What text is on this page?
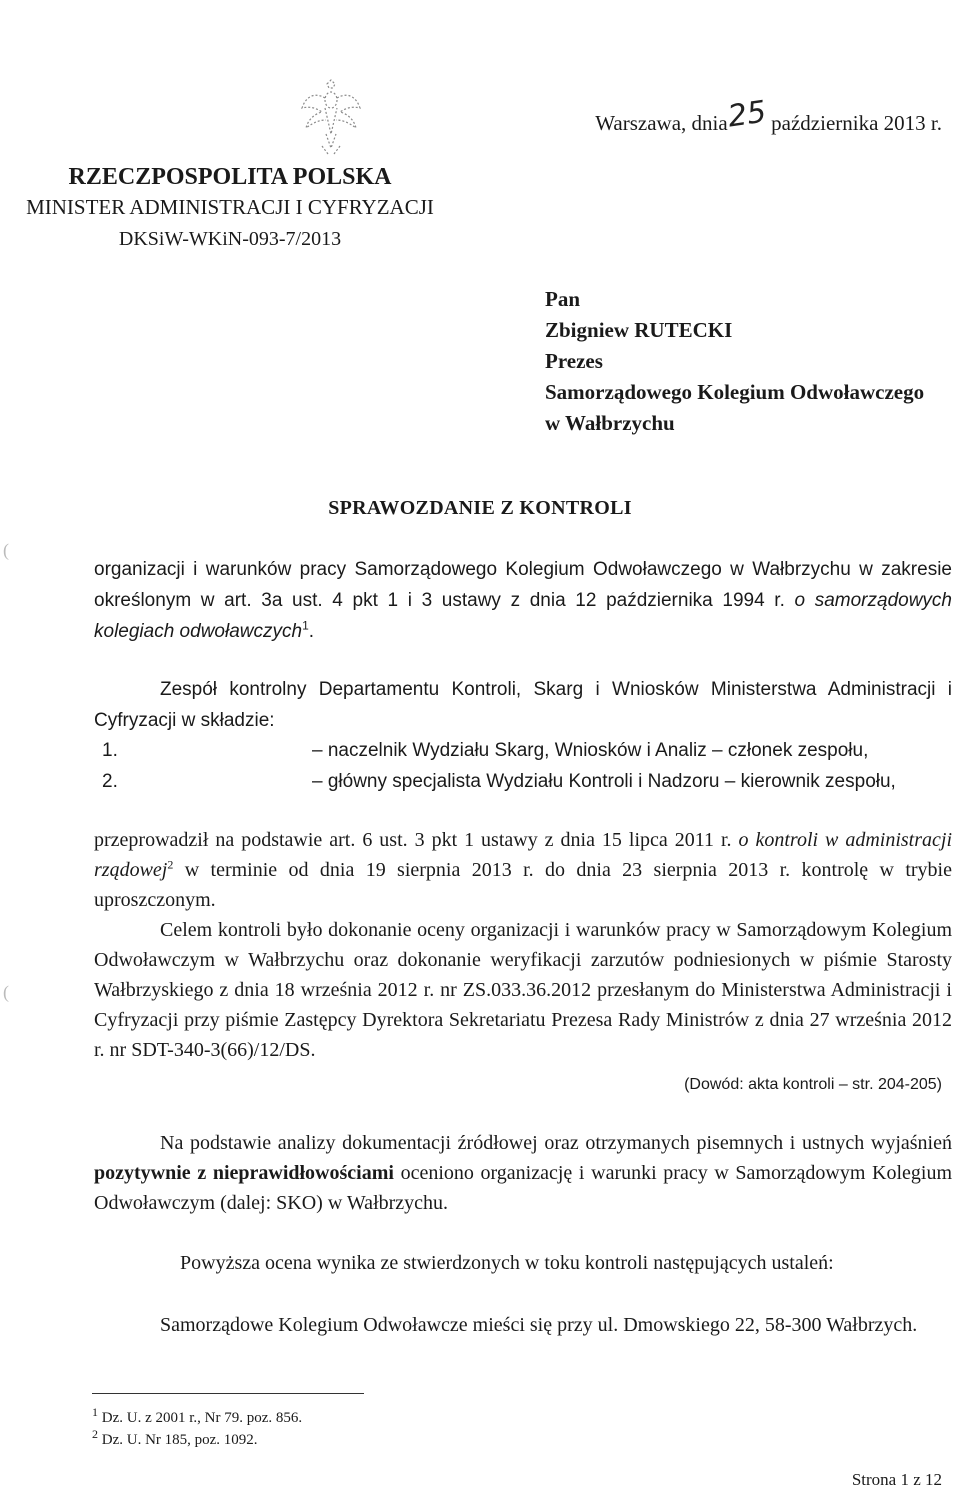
(
(
Warszawa, dnia25 października 2013 r.
RZECZPOSPOLITA POLSKA
MINISTER ADMINISTRACJI I CYFRYZACJI
DKSiW-WKiN-093-7/2013
Pan
Zbigniew RUTECKI
Prezes
Samorządowego Kolegium Odwoławczego
w Wałbrzychu
SPRAWOZDANIE Z KONTROLI
organizacji i warunków pracy Samorządowego Kolegium Odwoławczego w Wałbrzychu w zakresie określonym w art. 3a ust. 4 pkt 1 i 3 ustawy z dnia 12 października 1994 r. o samorządowych kolegiach odwoławczych$^1$.
Zespół kontrolny Departamentu Kontroli, Skarg i Wniosków Ministerstwa Administracji i Cyfryzacji w składzie:
1.	– naczelnik Wydziału Skarg, Wniosków i Analiz – członek zespołu,
2.	– główny specjalista Wydziału Kontroli i Nadzoru – kierownik zespołu,
przeprowadził na podstawie art. 6 ust. 3 pkt 1 ustawy z dnia 15 lipca 2011 r. o kontroli w administracji rządowej$^2$ w terminie od dnia 19 sierpnia 2013 r. do dnia 23 sierpnia 2013 r. kontrolę w trybie uproszczonym.
Celem kontroli było dokonanie oceny organizacji i warunków pracy w Samorządowym Kolegium Odwoławczym w Wałbrzychu oraz dokonanie weryfikacji zarzutów podniesionych w piśmie Starosty Wałbrzyskiego z dnia 18 września 2012 r. nr ZS.033.36.2012 przesłanym do Ministerstwa Administracji i Cyfryzacji przy piśmie Zastępcy Dyrektora Sekretariatu Prezesa Rady Ministrów z dnia 27 września 2012 r. nr SDT-340-3(66)/12/DS.
(Dowód: akta kontroli – str. 204-205)
Na podstawie analizy dokumentacji źródłowej oraz otrzymanych pisemnych i ustnych wyjaśnień pozytywnie z nieprawidłowościami oceniono organizację i warunki pracy w Samorządowym Kolegium Odwoławczym (dalej: SKO) w Wałbrzychu.
Powyższa ocena wynika ze stwierdzonych w toku kontroli następujących ustaleń:
Samorządowe Kolegium Odwoławcze mieści się przy ul. Dmowskiego 22, 58-300 Wałbrzych.
$^1$ Dz. U. z 2001 r., Nr 79. poz. 856.
$^2$ Dz. U. Nr 185, poz. 1092.
Strona 1 z 12
